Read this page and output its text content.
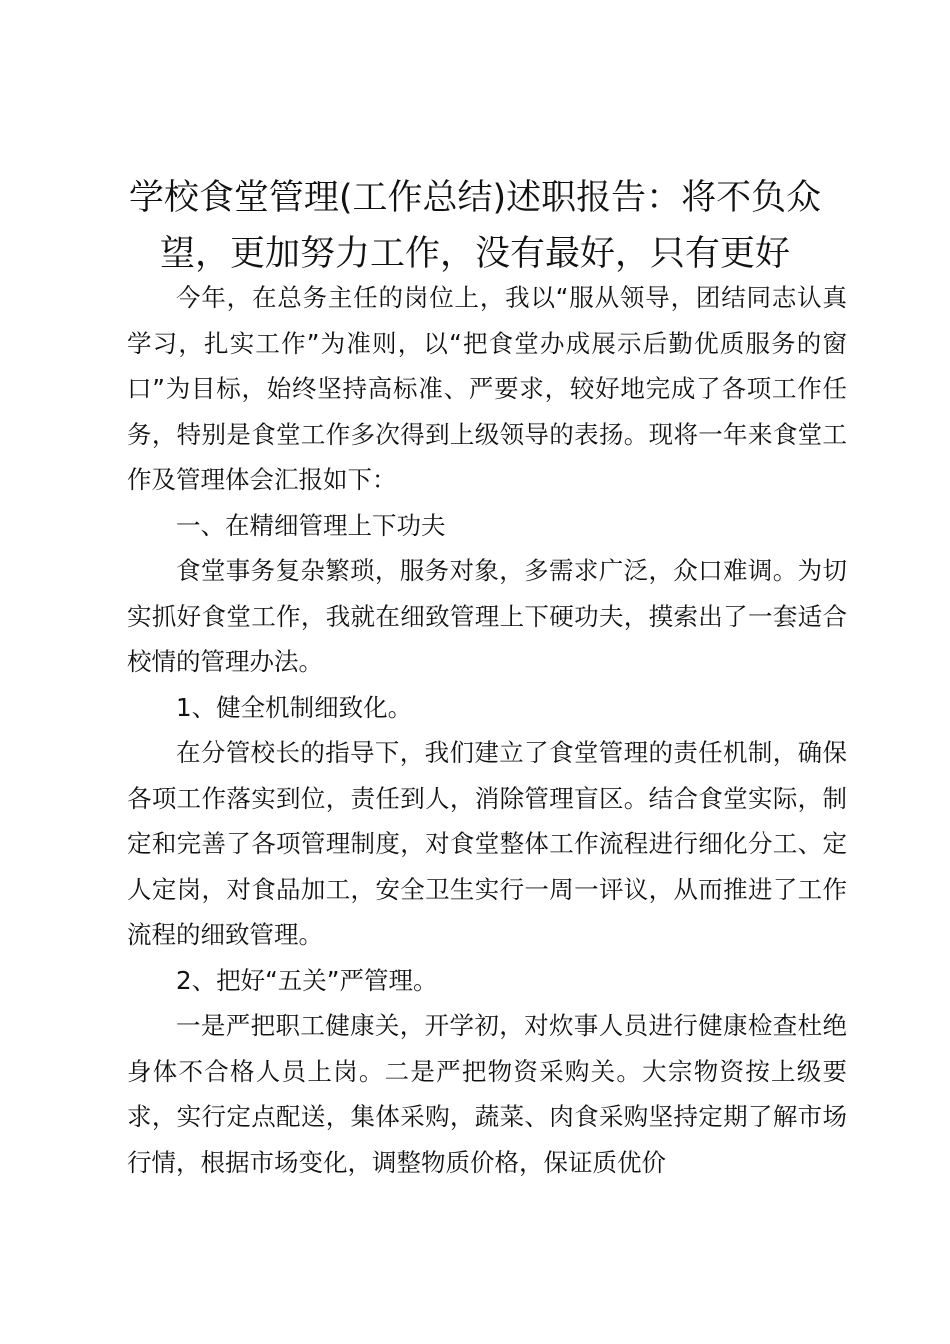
学校食堂管理(工作总结)述职报告：将不负众望，更加努力工作，没有最好，只有更好

今年，在总务主任的岗位上，我以“服从领导，团结同志认真学习，扎实工作”为准则，以“把食堂办成展示后勤优质服务的窗口”为目标，始终坚持高标准、严要求，较好地完成了各项工作任务，特别是食堂工作多次得到上级领导的表扬。现将一年来食堂工作及管理体会汇报如下：

一、在精细管理上下功夫

食堂事务复杂繁琐，服务对象，多需求广泛，众口难调。为切实抓好食堂工作，我就在细致管理上下硬功夫，摸索出了一套适合校情的管理办法。

1、健全机制细致化。

在分管校长的指导下，我们建立了食堂管理的责任机制，确保各项工作落实到位，责任到人，消除管理盲区。结合食堂实际，制定和完善了各项管理制度，对食堂整体工作流程进行细化分工、定人定岗，对食品加工，安全卫生实行一周一评议，从而推进了工作流程的细致管理。

2、把好“五关”严管理。

一是严把职工健康关，开学初，对炊事人员进行健康检查杜绝身体不合格人员上岗。二是严把物资采购关。大宗物资按上级要求，实行定点配送，集体采购，蔬菜、肉食采购坚持定期了解市场行情，根据市场变化，调整物质价格，保证质优价
